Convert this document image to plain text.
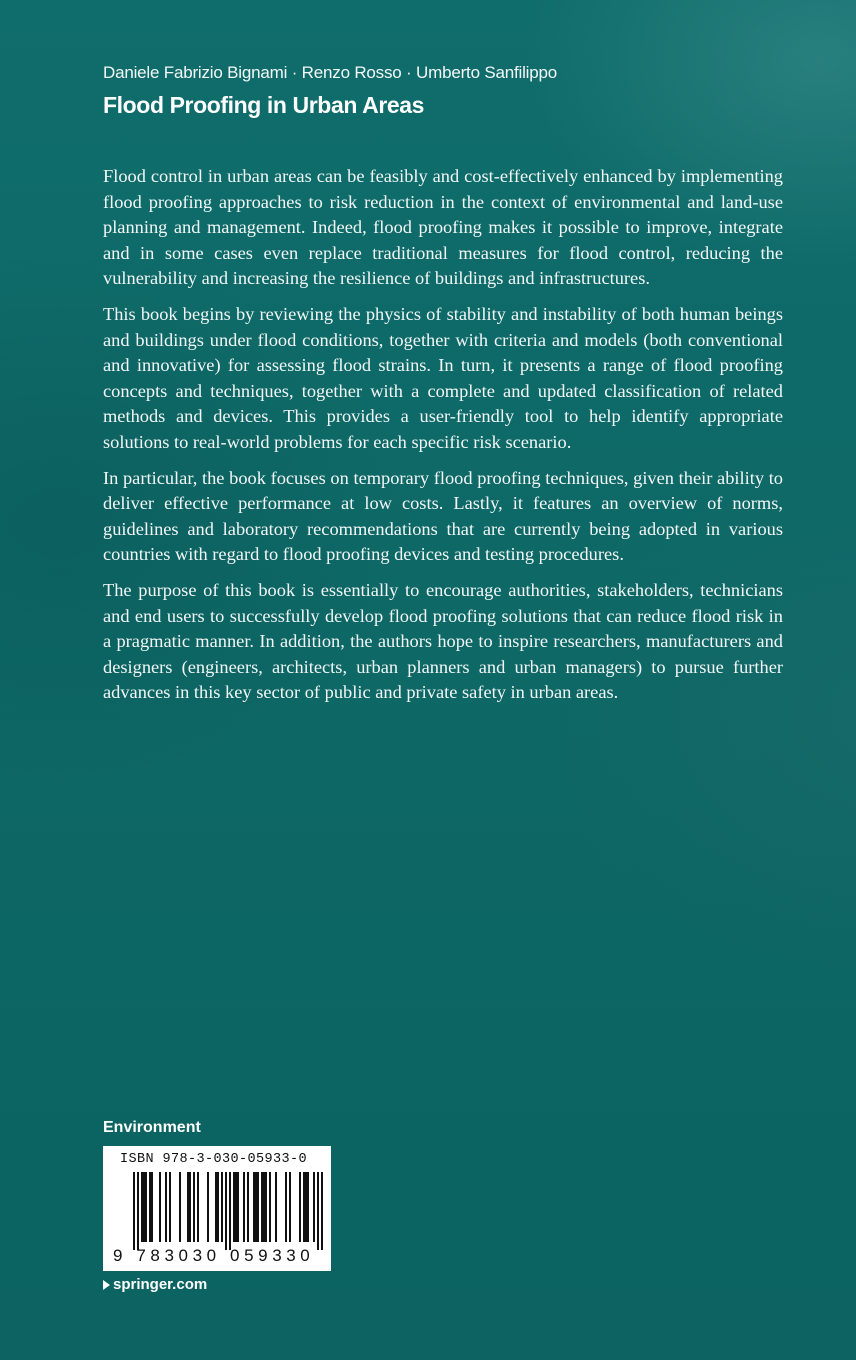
Daniele Fabrizio Bignami · Renzo Rosso · Umberto Sanfilippo
Flood Proofing in Urban Areas

Flood control in urban areas can be feasibly and cost-effectively enhanced by implementing flood proofing approaches to risk reduction in the context of environmental and land-use planning and management. Indeed, flood proofing makes it possible to improve, integrate and in some cases even replace traditional measures for flood control, reducing the vulnerability and increasing the resilience of buildings and infrastructures.

This book begins by reviewing the physics of stability and instability of both human beings and buildings under flood conditions, together with criteria and models (both conventional and innovative) for assessing flood strains. In turn, it presents a range of flood proofing concepts and techniques, together with a complete and updated classification of related methods and devices. This provides a user-friendly tool to help identify appropriate solutions to real-world problems for each specific risk scenario.

In particular, the book focuses on temporary flood proofing techniques, given their ability to deliver effective performance at low costs. Lastly, it features an overview of norms, guidelines and laboratory recommendations that are currently being adopted in various countries with regard to flood proofing devices and testing procedures.

The purpose of this book is essentially to encourage authorities, stakeholders, technicians and end users to successfully develop flood proofing solutions that can reduce flood risk in a pragmatic manner. In addition, the authors hope to inspire researchers, manufacturers and designers (engineers, architects, urban planners and urban managers) to pursue further advances in this key sector of public and private safety in urban areas.

Environment
ISBN 978-3-030-05933-0
9 783030 059330
springer.com
